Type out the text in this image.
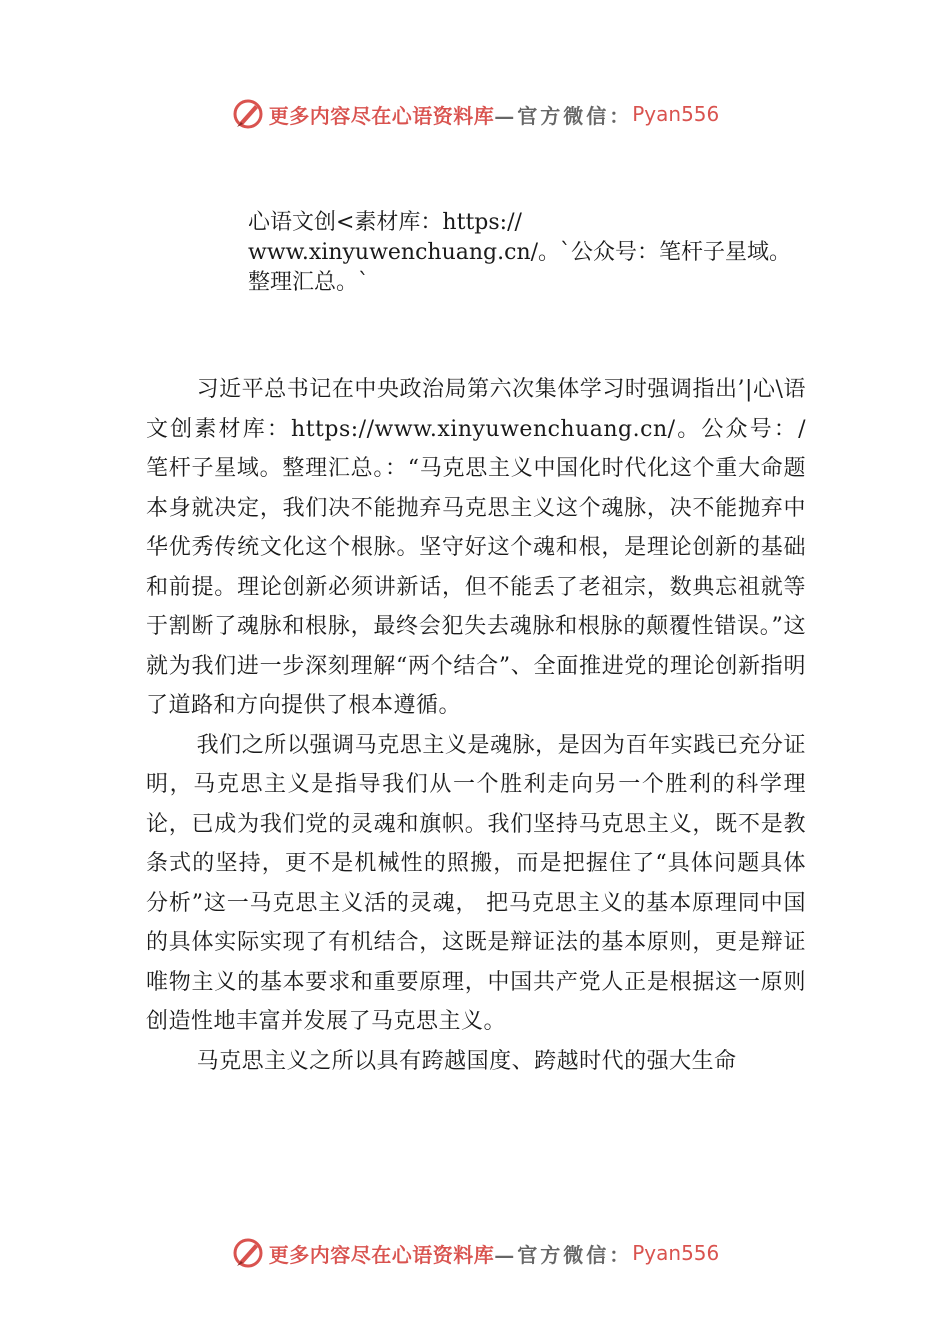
更多内容尽在心语资料库 —官方微信： Pyan556
心语文创<素材库：https://
www.xinyuwenchuang.cn/。`公众号：笔杆子星域。
整理汇总。`

习近平总书记在中央政治局第六次集体学习时强调指出’|心\语文创素材库：https://www.xinyuwenchuang.cn/。公众号：/笔杆子星域。整理汇总。：“马克思主义中国化时代化这个重大命题本身就决定，我们决不能抛弃马克思主义这个魂脉，决不能抛弃中华优秀传统文化这个根脉。坚守好这个魂和根，是理论创新的基础和前提。理论创新必须讲新话，但不能丢了老祖宗，数典忘祖就等于割断了魂脉和根脉，最终会犯失去魂脉和根脉的颠覆性错误。”这就为我们进一步深刻理解“两个结合”、全面推进党的理论创新指明了道路和方向提供了根本遵循。

我们之所以强调马克思主义是魂脉，是因为百年实践已充分证明，马克思主义是指导我们从一个胜利走向另一个胜利的科学理论，已成为我们党的灵魂和旗帜。我们坚持马克思主义，既不是教条式的坚持，更不是机械性的照搬，而是把握住了“具体问题具体分析”这一马克思主义活的灵魂， 把马克思主义的基本原理同中国的具体实际实现了有机结合，这既是辩证法的基本原则，更是辩证唯物主义的基本要求和重要原理，中国共产党人正是根据这一原则创造性地丰富并发展了马克思主义。

马克思主义之所以具有跨越国度、跨越时代的强大生命

更多内容尽在心语资料库 —官方微信： Pyan556
